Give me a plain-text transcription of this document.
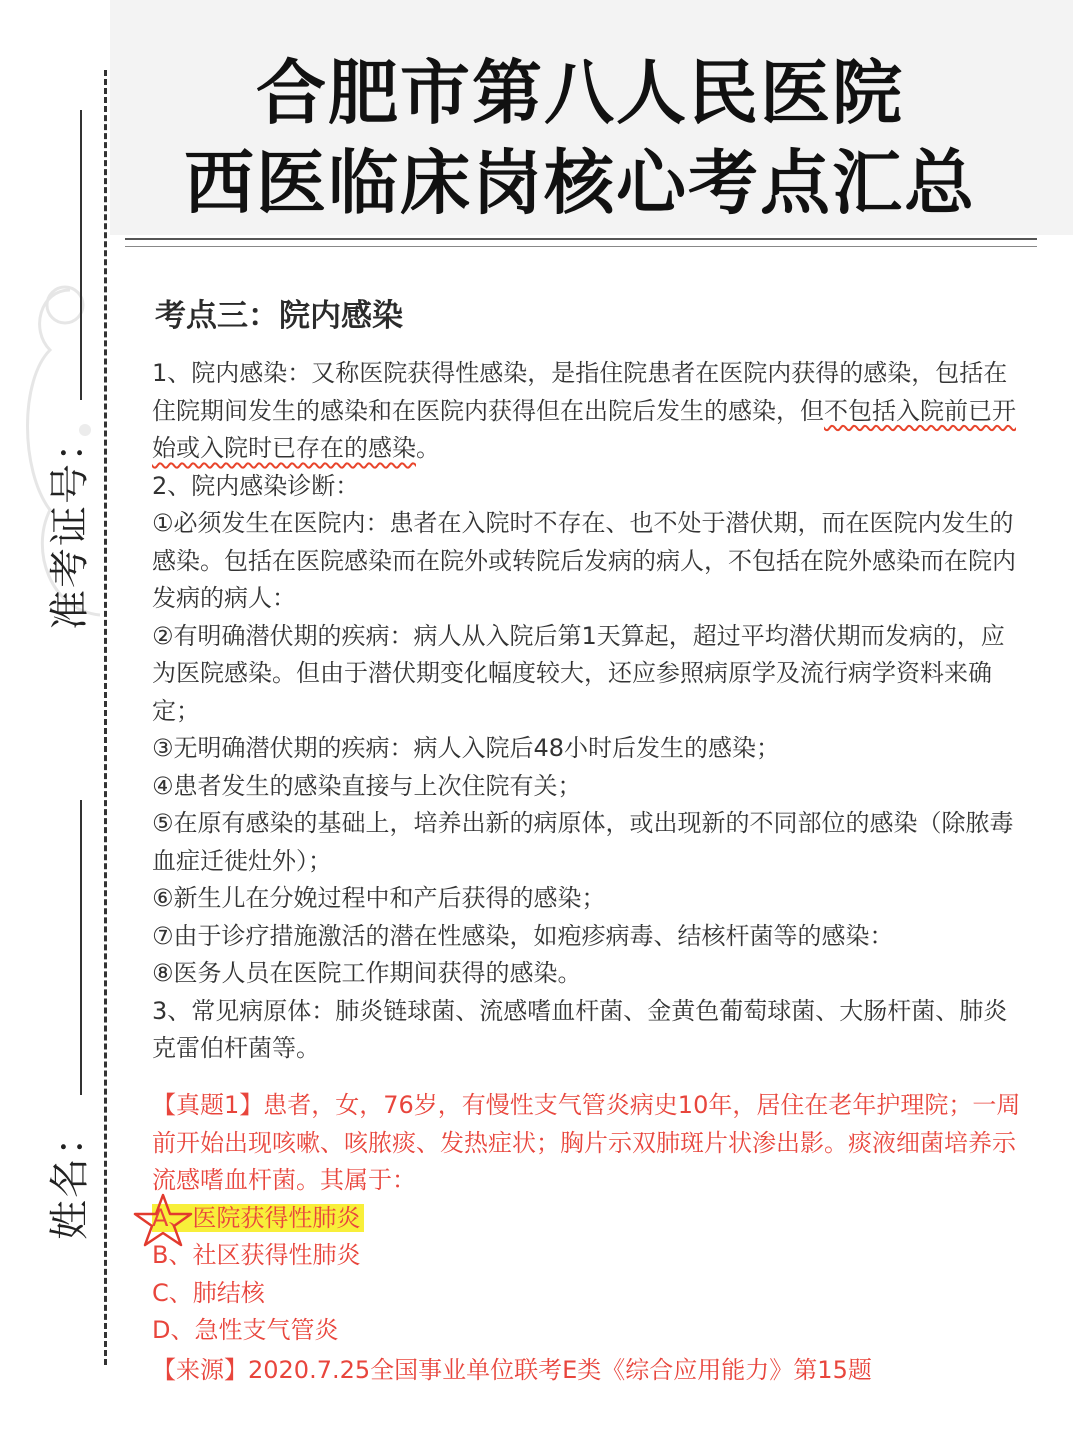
合肥市第八人民医院
西医临床岗核心考点汇总
准考证号：
姓名：
考点三：院内感染

1、院内感染：又称医院获得性感染，是指住院患者在医院内获得的感染，包括在住院期间发生的感染和在医院内获得但在出院后发生的感染，但不包括入院前已开始或入院时已存在的感染。

2、院内感染诊断：

①必须发生在医院内：患者在入院时不存在、也不处于潜伏期，而在医院内发生的感染。包括在医院感染而在院外或转院后发病的病人，不包括在院外感染而在院内发病的病人：

②有明确潜伏期的疾病：病人从入院后第1天算起，超过平均潜伏期而发病的，应为医院感染。但由于潜伏期变化幅度较大，还应参照病原学及流行病学资料来确定；

③无明确潜伏期的疾病：病人入院后48小时后发生的感染；

④患者发生的感染直接与上次住院有关；

⑤在原有感染的基础上，培养出新的病原体，或出现新的不同部位的感染（除脓毒血症迁徙灶外）；

⑥新生儿在分娩过程中和产后获得的感染；

⑦由于诊疗措施激活的潜在性感染，如疱疹病毒、结核杆菌等的感染：

⑧医务人员在医院工作期间获得的感染。

3、常见病原体：肺炎链球菌、流感嗜血杆菌、金黄色葡萄球菌、大肠杆菌、肺炎克雷伯杆菌等。

【真题1】患者，女，76岁，有慢性支气管炎病史10年，居住在老年护理院；一周前开始出现咳嗽、咳脓痰、发热症状；胸片示双肺斑片状渗出影。痰液细菌培养示流感嗜血杆菌。其属于：

A、医院获得性肺炎
B、社区获得性肺炎
C、肺结核
D、急性支气管炎
【来源】2020.7.25全国事业单位联考E类《综合应用能力》第15题
